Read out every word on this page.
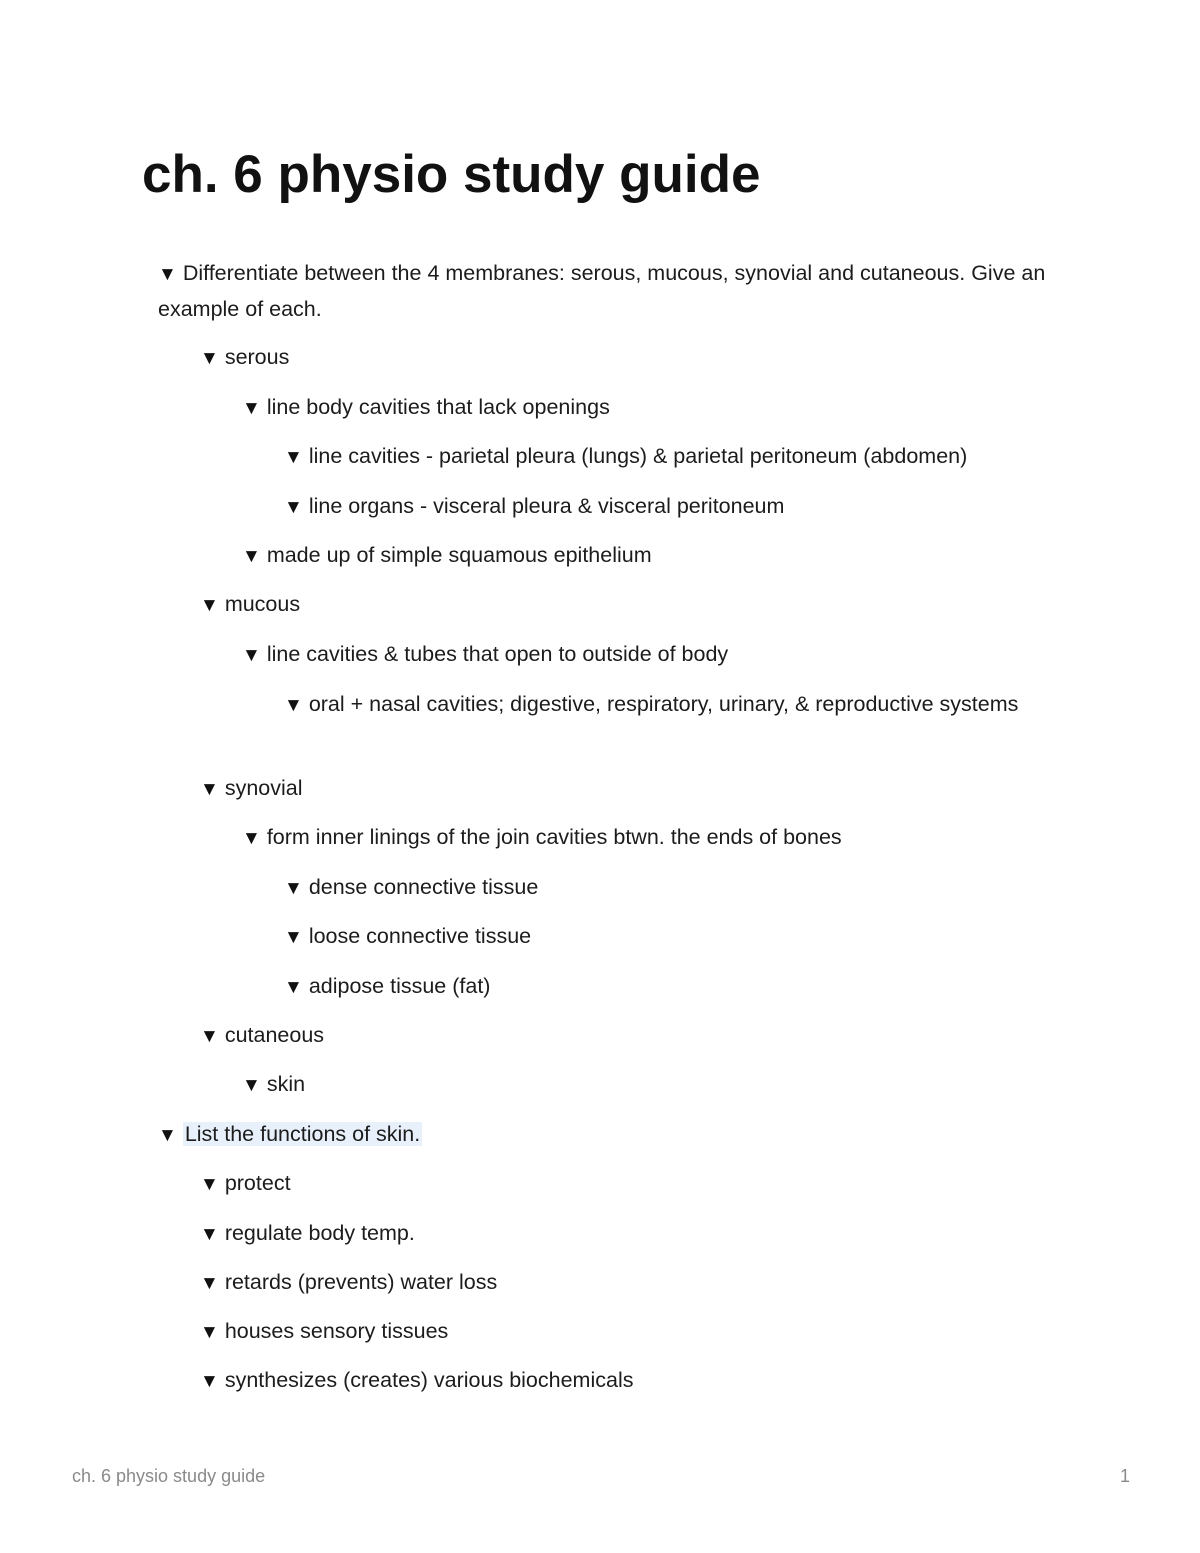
ch. 6 physio study guide
▼ Differentiate between the 4 membranes: serous, mucous, synovial and cutaneous. Give an example of each.
▼ serous
▼ line body cavities that lack openings
▼ line cavities - parietal pleura (lungs) & parietal peritoneum (abdomen)
▼ line organs - visceral pleura & visceral peritoneum
▼ made up of simple squamous epithelium
▼ mucous
▼ line cavities & tubes that open to outside of body
▼ oral + nasal cavities; digestive, respiratory, urinary, & reproductive systems
▼ synovial
▼ form inner linings of the join cavities btwn. the ends of bones
▼ dense connective tissue
▼ loose connective tissue
▼ adipose tissue (fat)
▼ cutaneous
▼ skin
▼ List the functions of skin.
▼ protect
▼ regulate body temp.
▼ retards (prevents) water loss
▼ houses sensory tissues
▼ synthesizes (creates) various biochemicals
ch. 6 physio study guide	1
